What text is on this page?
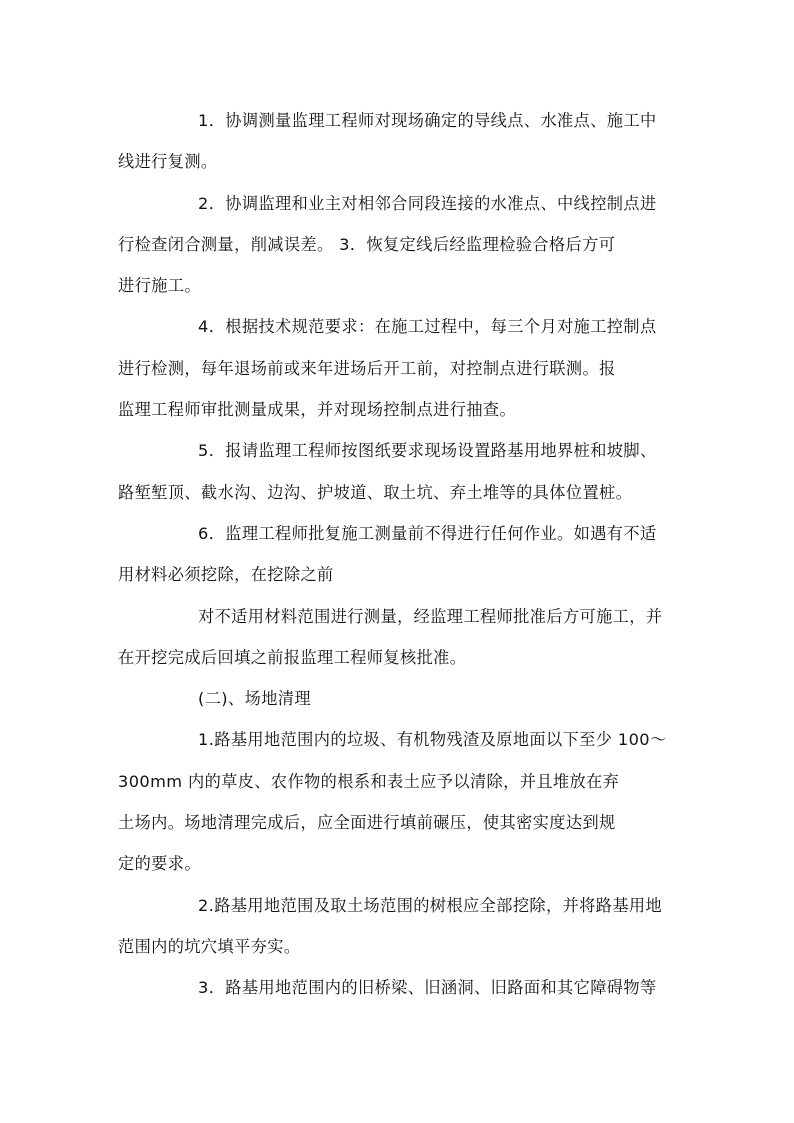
1．协调测量监理工程师对现场确定的导线点、水准点、施工中
线进行复测。
2．协调监理和业主对相邻合同段连接的水准点、中线控制点进
行检查闭合测量，削减误差。 3．恢复定线后经监理检验合格后方可
进行施工。
4．根据技术规范要求：在施工过程中，每三个月对施工控制点
进行检测，每年退场前或来年进场后开工前，对控制点进行联测。报
监理工程师审批测量成果，并对现场控制点进行抽查。
5．报请监理工程师按图纸要求现场设置路基用地界桩和坡脚、
路堑堑顶、截水沟、边沟、护坡道、取土坑、弃土堆等的具体位置桩。
6．监理工程师批复施工测量前不得进行任何作业。如遇有不适
用材料必须挖除，在挖除之前
对不适用材料范围进行测量，经监理工程师批准后方可施工，并
在开挖完成后回填之前报监理工程师复核批准。
(二)、场地清理
1.路基用地范围内的垃圾、有机物残渣及原地面以下至少 100～
300mm 内的草皮、农作物的根系和表土应予以清除，并且堆放在弃
土场内。场地清理完成后，应全面进行填前碾压，使其密实度达到规
定的要求。
2.路基用地范围及取土场范围的树根应全部挖除，并将路基用地
范围内的坑穴填平夯实。
3．路基用地范围内的旧桥梁、旧涵洞、旧路面和其它障碍物等
